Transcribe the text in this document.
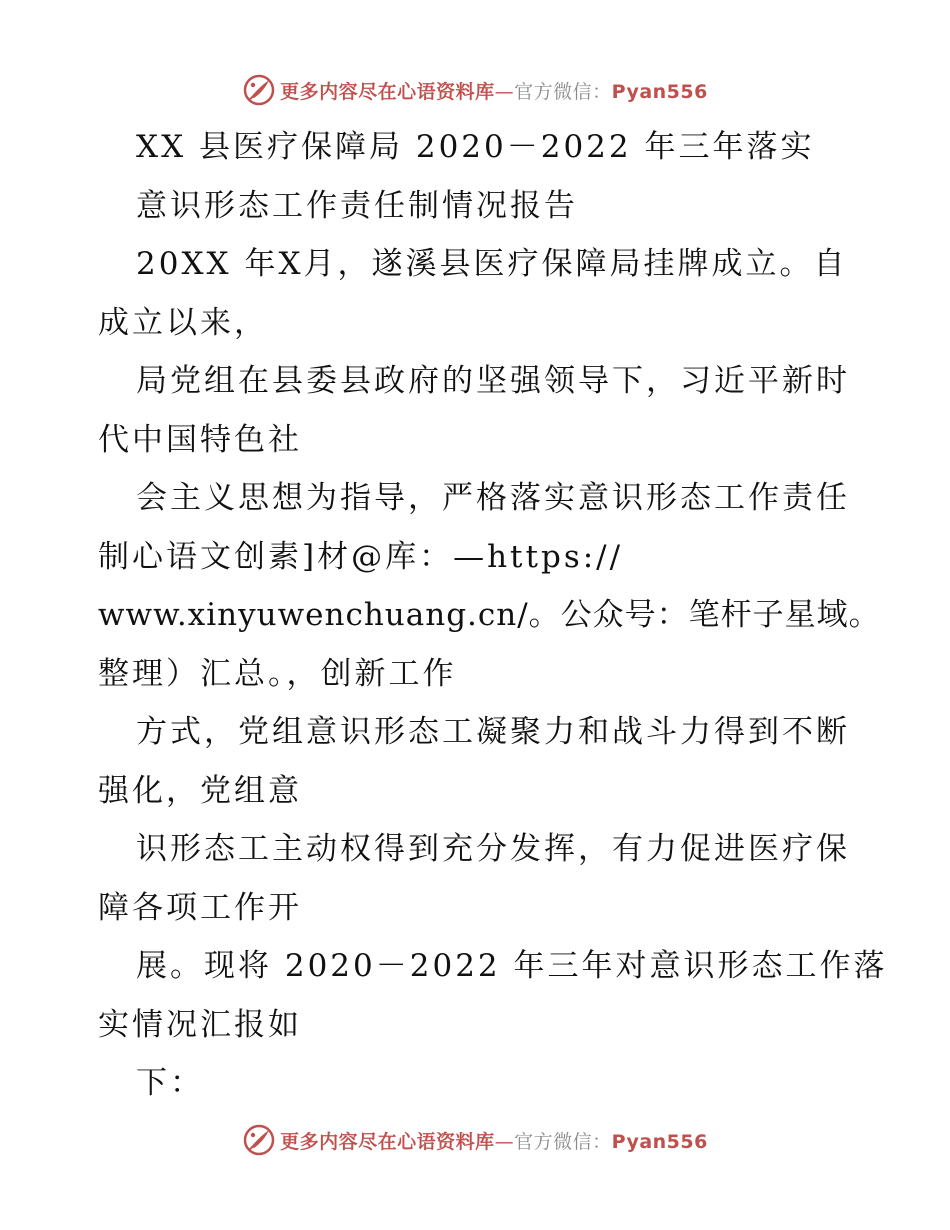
更多内容尽在心语资料库—官方微信：Pyan556
XX 县医疗保障局 2020－2022 年三年落实
意识形态工作责任制情况报告
20XX 年X月，遂溪县医疗保障局挂牌成立。自
成立以来，
局党组在县委县政府的坚强领导下，习近平新时
代中国特色社
会主义思想为指导，严格落实意识形态工作责任
制心语文创素]材@库：—https://
www.xinyuwenchuang.cn/。公众号：笔杆子星域。
整理）汇总。，创新工作
方式，党组意识形态工凝聚力和战斗力得到不断
强化，党组意
识形态工主动权得到充分发挥，有力促进医疗保
障各项工作开
展。现将 2020－2022 年三年对意识形态工作落
实情况汇报如
下：
更多内容尽在心语资料库—官方微信：Pyan556
